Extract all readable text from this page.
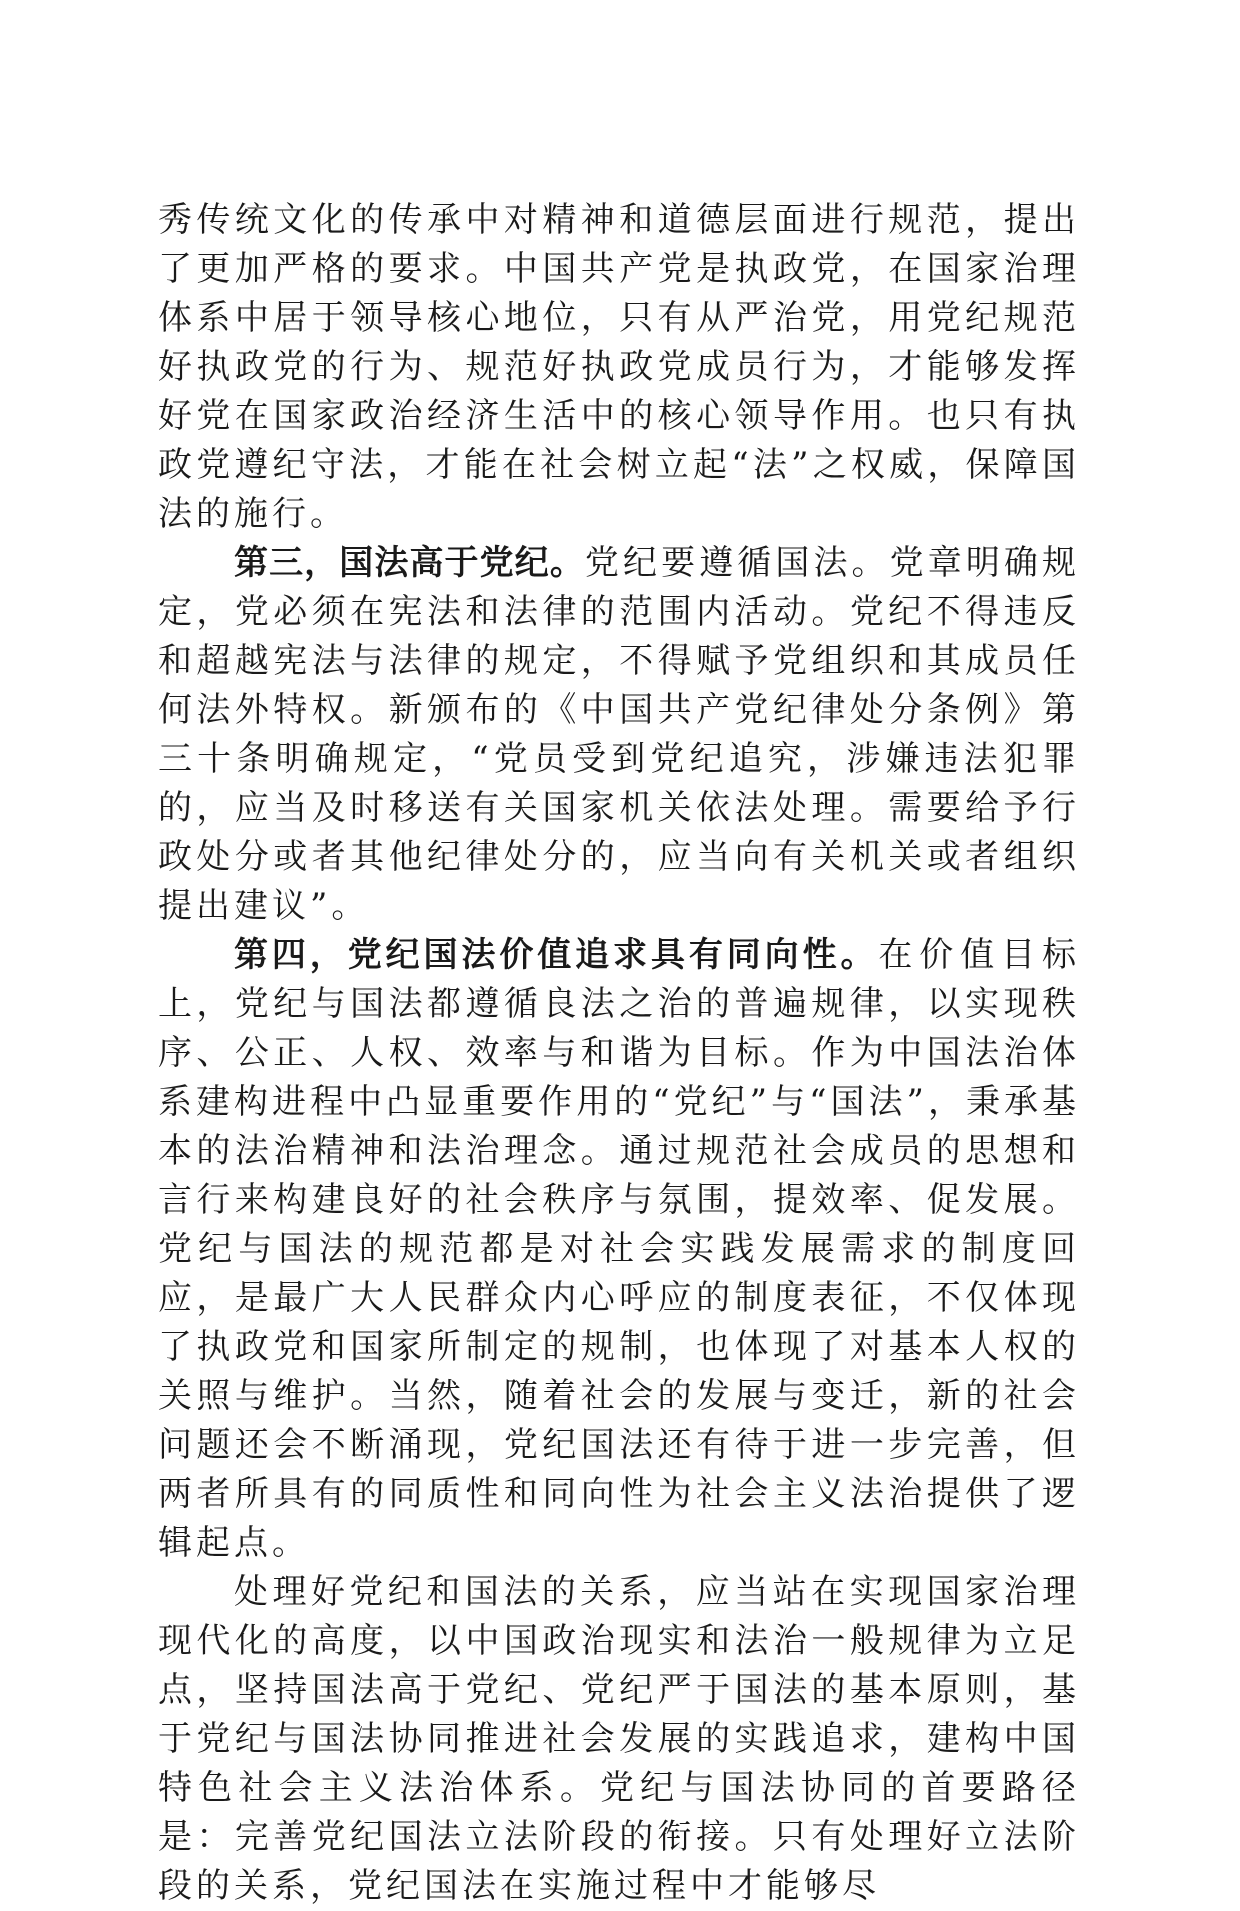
秀传统文化的传承中对精神和道德层面进行规范，提出了更加严格的要求。中国共产党是执政党，在国家治理体系中居于领导核心地位，只有从严治党，用党纪规范好执政党的行为、规范好执政党成员行为，才能够发挥好党在国家政治经济生活中的核心领导作用。也只有执政党遵纪守法，才能在社会树立起“法”之权威，保障国法的施行。

第三，国法高于党纪。党纪要遵循国法。党章明确规定，党必须在宪法和法律的范围内活动。党纪不得违反和超越宪法与法律的规定，不得赋予党组织和其成员任何法外特权。新颁布的《中国共产党纪律处分条例》第三十条明确规定，“党员受到党纪追究，涉嫌违法犯罪的，应当及时移送有关国家机关依法处理。需要给予行政处分或者其他纪律处分的，应当向有关机关或者组织提出建议”。

第四，党纪国法价值追求具有同向性。在价值目标上，党纪与国法都遵循良法之治的普遍规律，以实现秩序、公正、人权、效率与和谐为目标。作为中国法治体系建构进程中凸显重要作用的“党纪”与“国法”，秉承基本的法治精神和法治理念。通过规范社会成员的思想和言行来构建良好的社会秩序与氛围，提效率、促发展。党纪与国法的规范都是对社会实践发展需求的制度回应，是最广大人民群众内心呼应的制度表征，不仅体现了执政党和国家所制定的规制，也体现了对基本人权的关照与维护。当然，随着社会的发展与变迁，新的社会问题还会不断涌现，党纪国法还有待于进一步完善，但两者所具有的同质性和同向性为社会主义法治提供了逻辑起点。

处理好党纪和国法的关系，应当站在实现国家治理现代化的高度，以中国政治现实和法治一般规律为立足点，坚持国法高于党纪、党纪严于国法的基本原则，基于党纪与国法协同推进社会发展的实践追求，建构中国特色社会主义法治体系。党纪与国法协同的首要路径是：完善党纪国法立法阶段的衔接。只有处理好立法阶段的关系，党纪国法在实施过程中才能够尽
